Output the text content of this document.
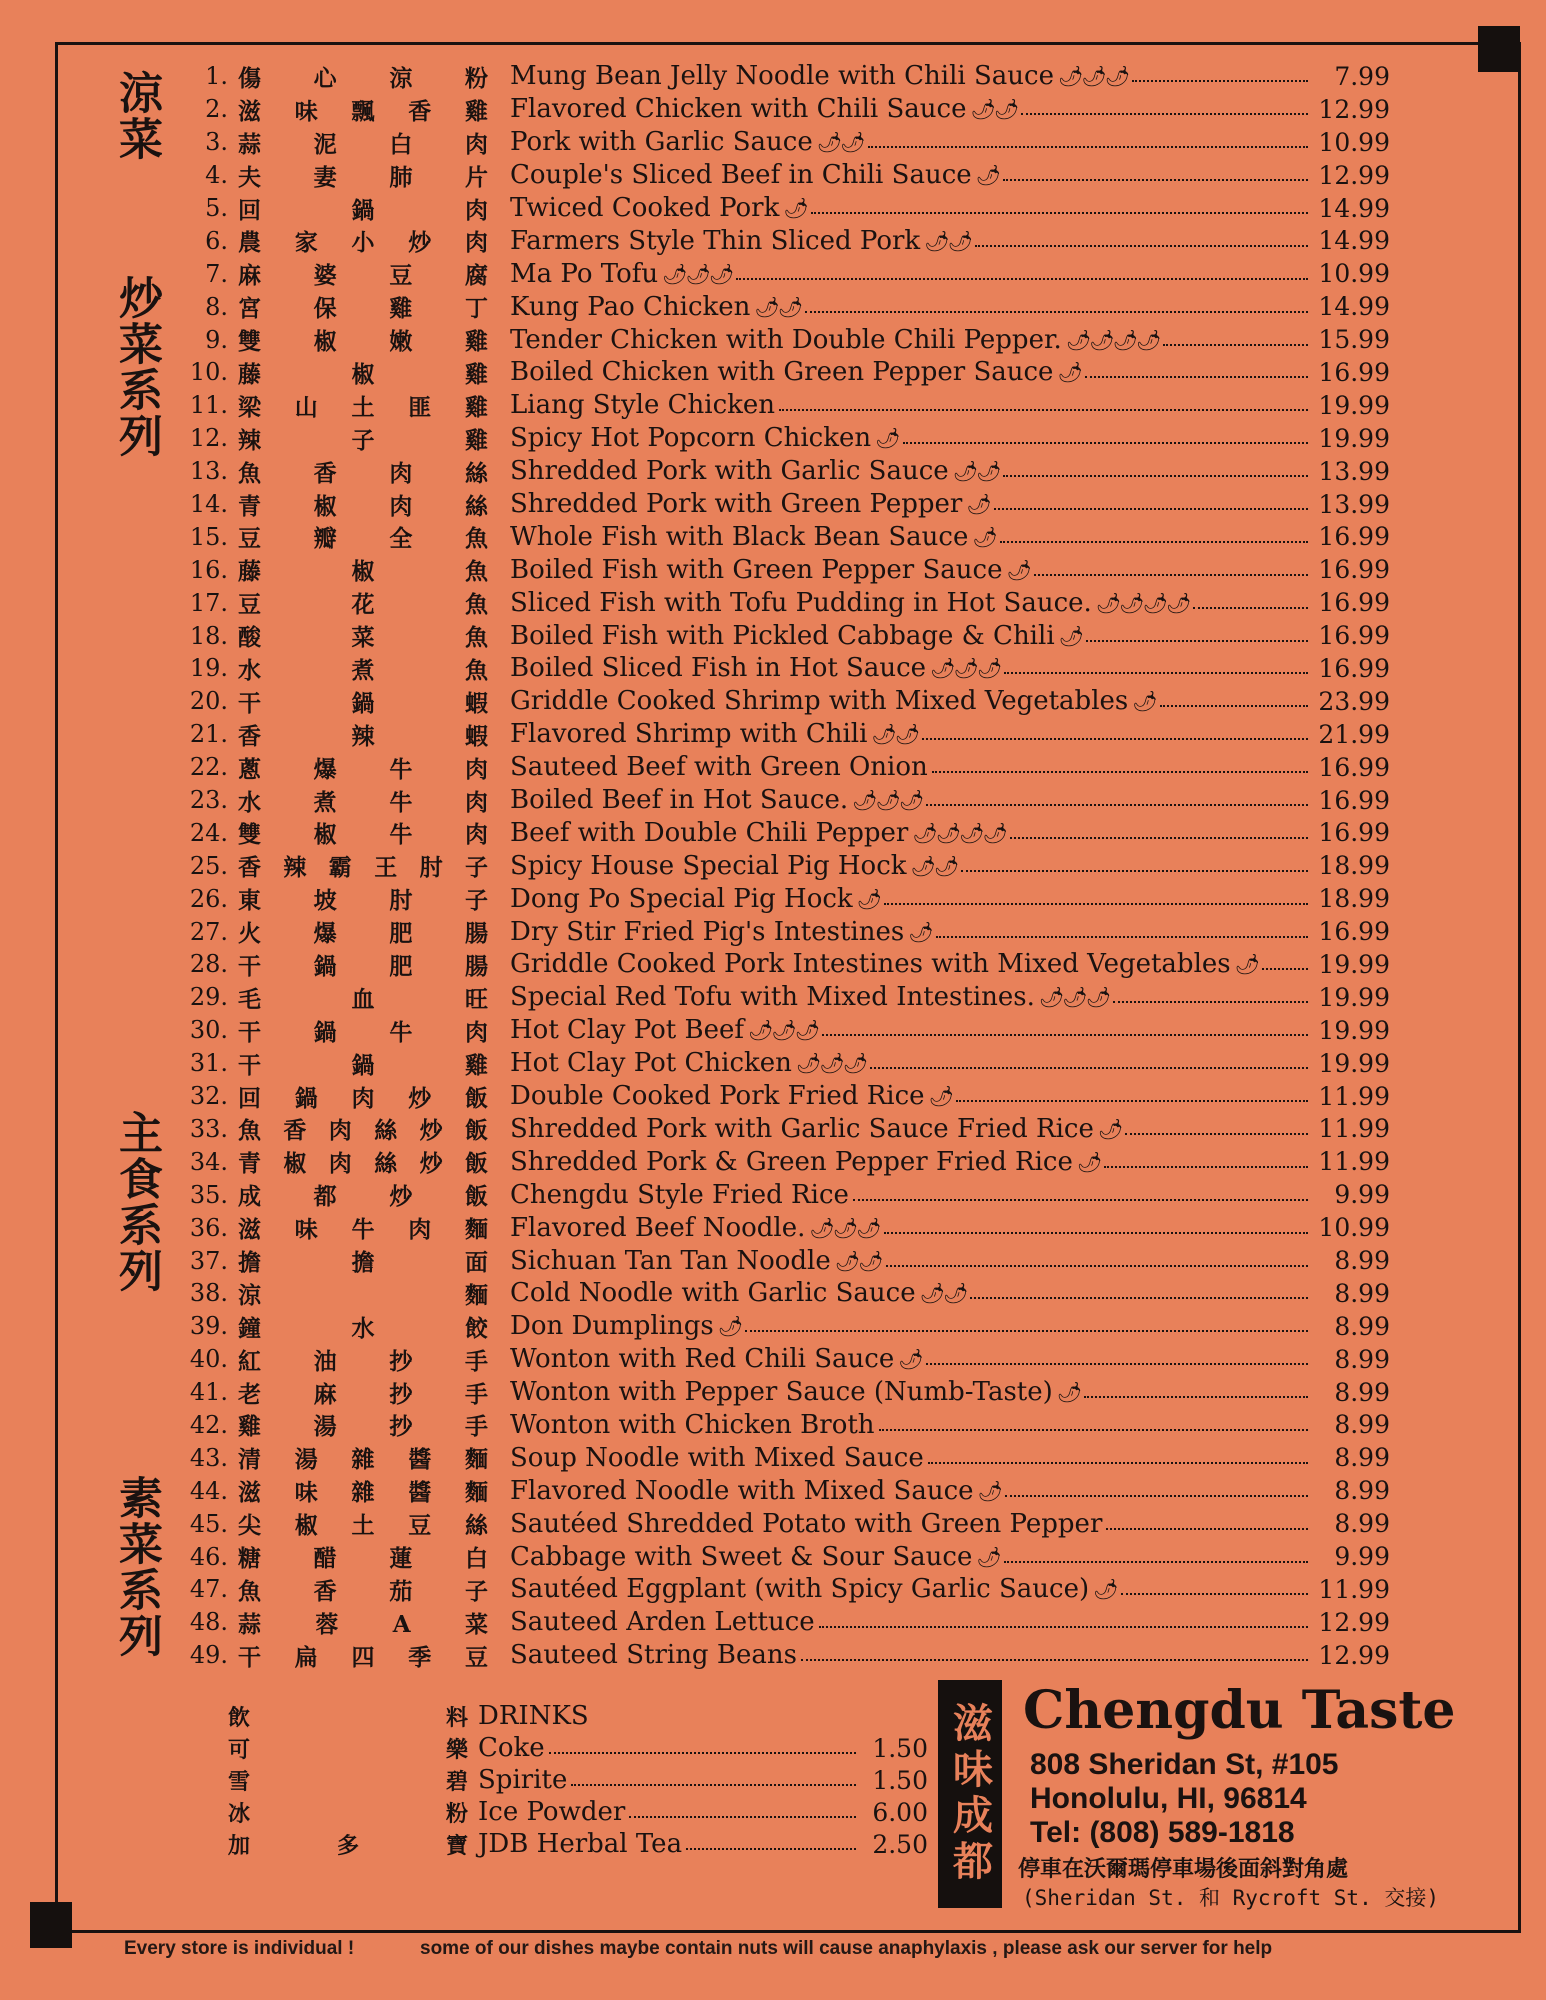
涼菜
炒菜系列
主食系列
素菜系列
1. 傷心涼粉 Mung Bean Jelly Noodle with Chili Sauce 🌶︎🌶︎🌶︎	7.99
2. 滋味飄香雞 Flavored Chicken with Chili Sauce 🌶︎🌶︎	12.99
3. 蒜泥白肉 Pork with Garlic Sauce 🌶︎🌶︎	10.99
4. 夫妻肺片 Couple's Sliced Beef in Chili Sauce 🌶︎	12.99
5. 回鍋肉 Twiced Cooked Pork 🌶︎	14.99
6. 農家小炒肉 Farmers Style Thin Sliced Pork 🌶︎🌶︎	14.99
7. 麻婆豆腐 Ma Po Tofu 🌶︎🌶︎🌶︎	10.99
8. 宮保雞丁 Kung Pao Chicken 🌶︎🌶︎	14.99
9. 雙椒嫩雞 Tender Chicken with Double Chili Pepper. 🌶︎🌶︎🌶︎🌶︎	15.99
10. 藤椒雞 Boiled Chicken with Green Pepper Sauce 🌶︎	16.99
11. 梁山土匪雞 Liang Style Chicken	19.99
12. 辣子雞 Spicy Hot Popcorn Chicken 🌶︎	19.99
13. 魚香肉絲 Shredded Pork with Garlic Sauce 🌶︎🌶︎	13.99
14. 青椒肉絲 Shredded Pork with Green Pepper 🌶︎	13.99
15. 豆瓣全魚 Whole Fish with Black Bean Sauce 🌶︎	16.99
16. 藤椒魚 Boiled Fish with Green Pepper Sauce 🌶︎	16.99
17. 豆花魚 Sliced Fish with Tofu Pudding in Hot Sauce. 🌶︎🌶︎🌶︎🌶︎	16.99
18. 酸菜魚 Boiled Fish with Pickled Cabbage & Chili 🌶︎	16.99
19. 水煮魚 Boiled Sliced Fish in Hot Sauce 🌶︎🌶︎🌶︎	16.99
20. 干鍋蝦 Griddle Cooked Shrimp with Mixed Vegetables 🌶︎	23.99
21. 香辣蝦 Flavored Shrimp with Chili 🌶︎🌶︎	21.99
22. 蔥爆牛肉 Sauteed Beef with Green Onion	16.99
23. 水煮牛肉 Boiled Beef in Hot Sauce. 🌶︎🌶︎🌶︎	16.99
24. 雙椒牛肉 Beef with Double Chili Pepper 🌶︎🌶︎🌶︎🌶︎	16.99
25. 香辣霸王肘子 Spicy House Special Pig Hock 🌶︎🌶︎	18.99
26. 東坡肘子 Dong Po Special Pig Hock 🌶︎	18.99
27. 火爆肥腸 Dry Stir Fried Pig's Intestines 🌶︎	16.99
28. 干鍋肥腸 Griddle Cooked Pork Intestines with Mixed Vegetables 🌶︎ 19.99
29. 毛血旺 Special Red Tofu with Mixed Intestines. 🌶︎🌶︎🌶︎	19.99
30. 干鍋牛肉 Hot Clay Pot Beef 🌶︎🌶︎🌶︎	19.99
31. 干鍋雞 Hot Clay Pot Chicken 🌶︎🌶︎🌶︎	19.99
32. 回鍋肉炒飯 Double Cooked Pork Fried Rice 🌶︎	11.99
33. 魚香肉絲炒飯 Shredded Pork with Garlic Sauce Fried Rice 🌶︎	11.99
34. 青椒肉絲炒飯 Shredded Pork & Green Pepper Fried Rice 🌶︎	11.99
35. 成都炒飯 Chengdu Style Fried Rice	9.99
36. 滋味牛肉麵 Flavored Beef Noodle. 🌶︎🌶︎🌶︎	10.99
37. 擔擔面 Sichuan Tan Tan Noodle 🌶︎🌶︎	8.99
38. 涼麵 Cold Noodle with Garlic Sauce 🌶︎🌶︎	8.99
39. 鐘水餃 Don Dumplings 🌶︎	8.99
40. 紅油抄手 Wonton with Red Chili Sauce 🌶︎	8.99
41. 老麻抄手 Wonton with Pepper Sauce (Numb-Taste) 🌶︎	8.99
42. 雞湯抄手 Wonton with Chicken Broth	8.99
43. 清湯雜醬麵 Soup Noodle with Mixed Sauce	8.99
44. 滋味雜醬麵 Flavored Noodle with Mixed Sauce 🌶︎	8.99
45. 尖椒土豆絲 Sautéed Shredded Potato with Green Pepper	8.99
46. 糖醋蓮白 Cabbage with Sweet & Sour Sauce 🌶︎	9.99
47. 魚香茄子 Sautéed Eggplant (with Spicy Garlic Sauce) 🌶︎	11.99
48. 蒜蓉A菜 Sauteed Arden Lettuce	12.99
49. 干扁四季豆 Sauteed String Beans	12.99
飲料 DRINKS
可樂 Coke	1.50
雪碧 Spirite	1.50
冰粉 Ice Powder	6.00
加多寶 JDB Herbal Tea	2.50 滋味成都 Chengdu Taste
808 Sheridan St, #105
Honolulu, HI, 96814
Tel: (808) 589-1818
停車在沃爾瑪停車場後面斜對角處
(Sheridan St. 和 Rycroft St. 交接)
Every store is individual !	some of our dishes maybe contain nuts will cause anaphylaxis , please ask our server for help
